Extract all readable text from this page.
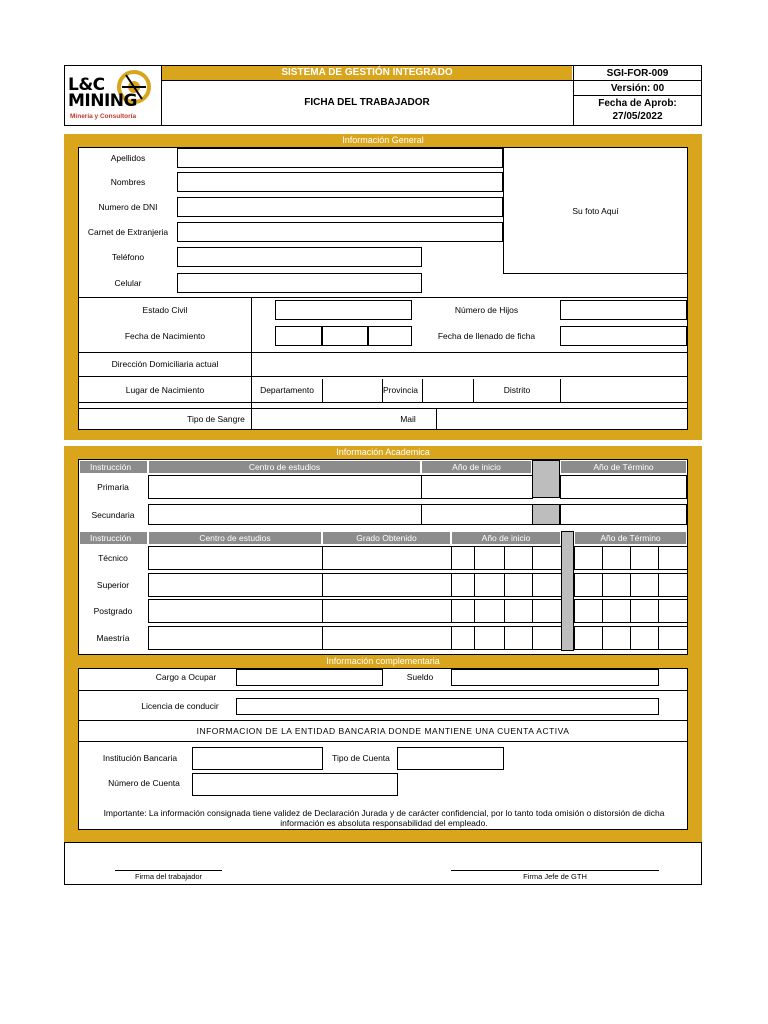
L&C MINING
Minería y Consultoría
SISTEMA DE GESTIÓN INTEGRADO
FICHA DEL TRABAJADOR
SGI-FOR-009
Versión: 00
Fecha de Aprob:
27/05/2022
Información General
Apellidos
Nombres
Numero de DNI
Carnet de Extranjeria
Teléfono
Celular
Su foto Aquí
Estado Civil	Número de Hijos
Fecha de Nacimiento	Fecha de llenado de ficha
Dirección Domiciliaria actual
Lugar de Nacimiento	Departamento	Provincia	Distrito
Tipo de Sangre	Mail
Información Academica
Instrucción	Centro de estudios	Año de inicio	Año de Término
Primaria
Secundaria
Instrucción	Centro de estudios	Grado Obtenido	Año de inicio	Año de Término
Técnico
Superior
Postgrado
Maestría
Información complementaria
Cargo a Ocupar	Sueldo
Licencia de conducir
INFORMACION DE LA ENTIDAD BANCARIA DONDE MANTIENE UNA CUENTA ACTIVA
Institución Bancaria	Tipo de Cuenta
Número de Cuenta
Importante: La información consignada tiene validez de Declaración Jurada y de carácter confidencial, por lo tanto toda omisión o distorsión de dicha información es absoluta responsabilidad del empleado.
Firma del trabajador	Firma Jefe de GTH
